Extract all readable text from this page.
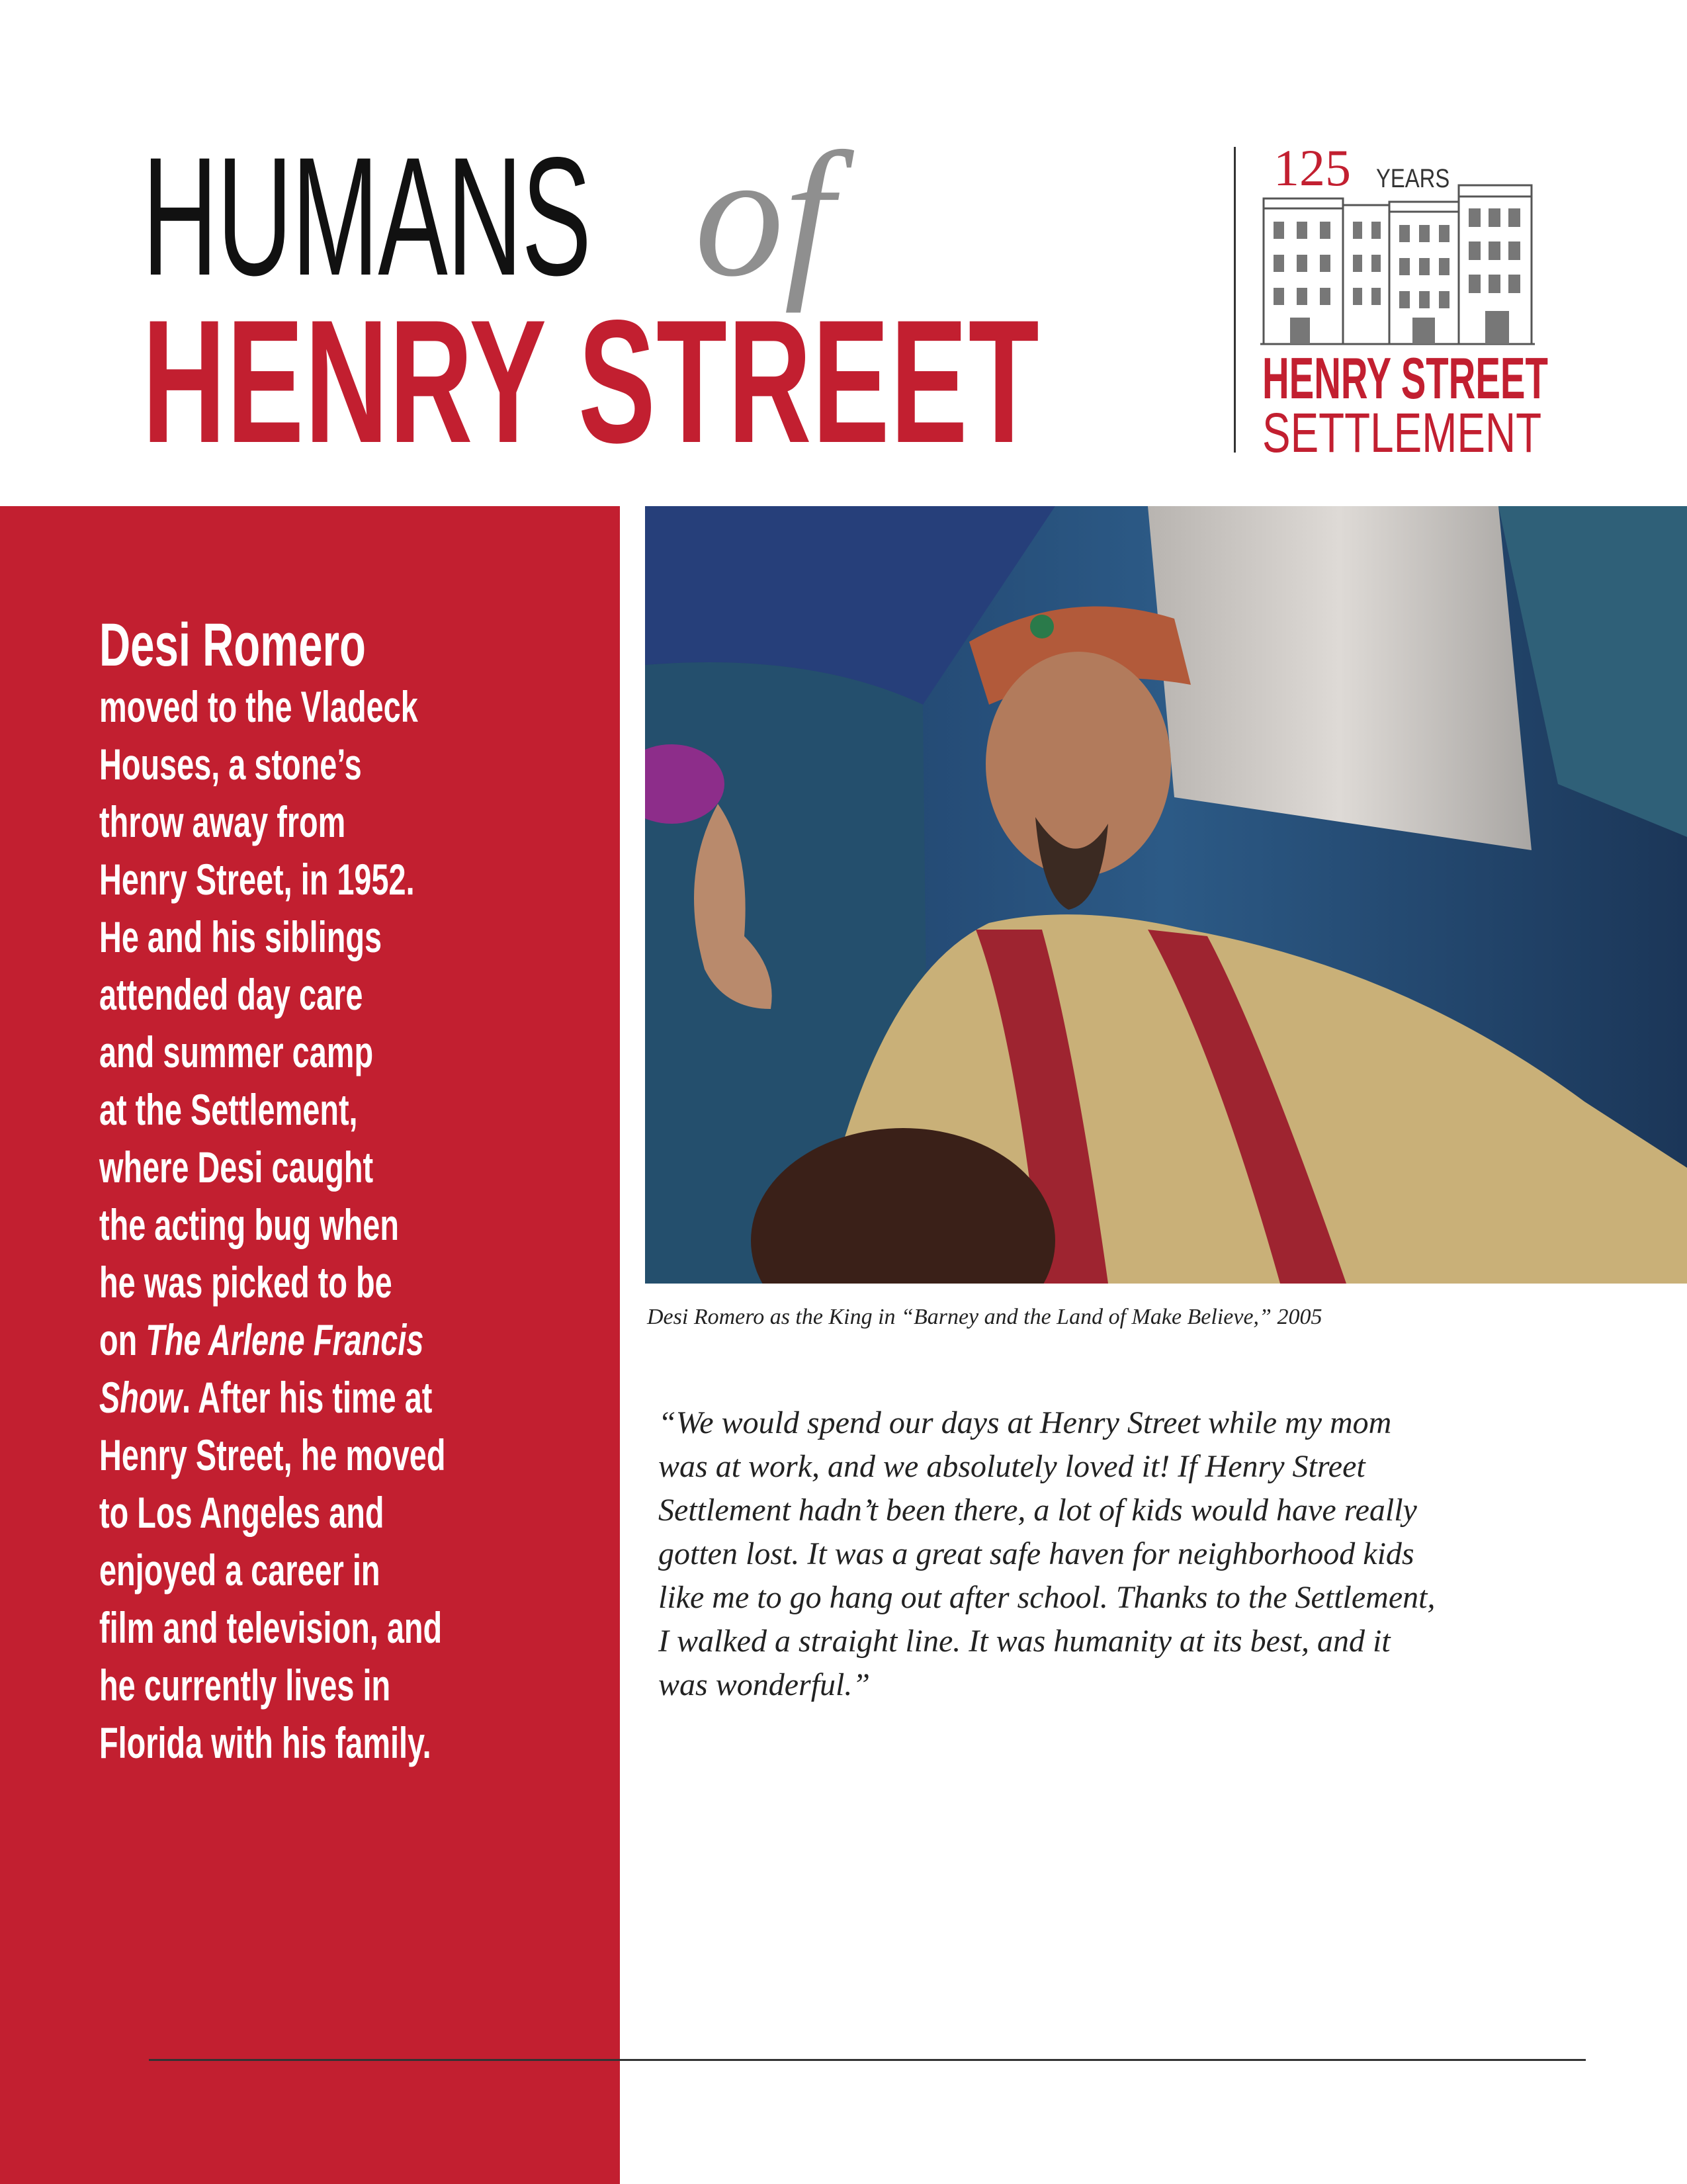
HUMANS of
HENRY STREET
125 YEARS
HENRY STREET
SETTLEMENT
Desi Romero
moved to the Vladeck
Houses, a stone’s
throw away from
Henry Street, in 1952.
He and his siblings
attended day care
and summer camp
at the Settlement,
where Desi caught
the acting bug when
he was picked to be
on The Arlene Francis
Show. After his time at
Henry Street, he moved
to Los Angeles and
enjoyed a career in
film and television, and
he currently lives in
Florida with his family.
Desi Romero as the King in “Barney and the Land of Make Believe,” 2005
“We would spend our days at Henry Street while my mom
was at work, and we absolutely loved it! If Henry Street
Settlement hadn’t been there, a lot of kids would have really
gotten lost. It was a great safe haven for neighborhood kids
like me to go hang out after school. Thanks to the Settlement,
I walked a straight line. It was humanity at its best, and it
was wonderful.”
